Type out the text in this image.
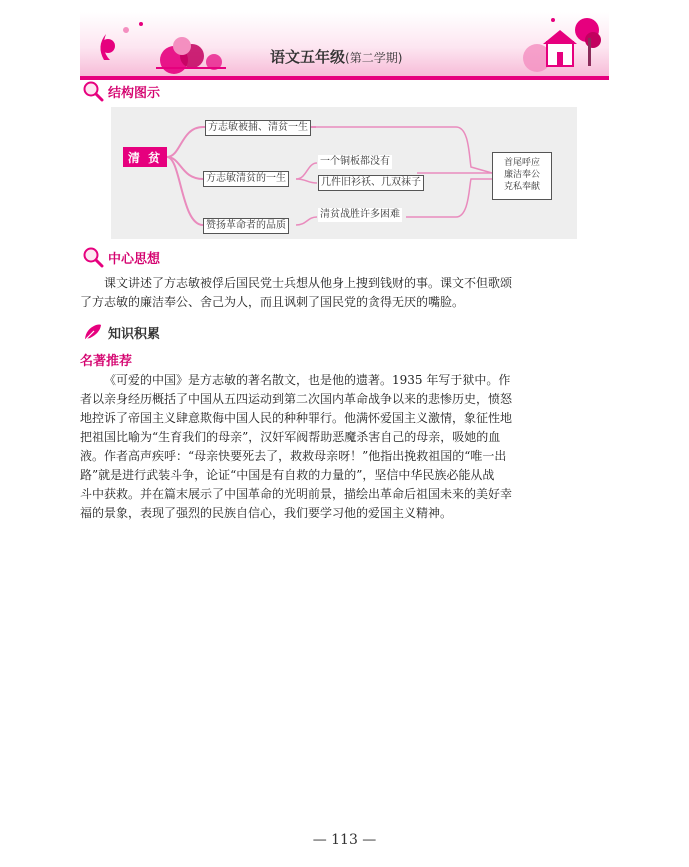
语文五年级(第二学期)
结构图示
清 贫
方志敏被捕、清贫一生
方志敏清贫的一生
赞扬革命者的品质
一个铜板都没有
几件旧衫袄、几双袜子
清贫战胜许多困难
首尾呼应
廉洁奉公
克私奉献
中心思想
课文讲述了方志敏被俘后国民党士兵想从他身上捜到钱财的事。课文不但歌颂
了方志敏的廉洁奉公、舍己为人，而且讽刺了国民党的贪得无厌的嘴脸。
知识积累
名著推荐
《可爱的中国》是方志敏的著名散文，也是他的遗著。1935 年写于狱中。作
者以亲身经历概括了中国从五四运动到第二次国内革命战争以来的悲惨历史，愤怒
地控诉了帝国主义肆意欺侮中国人民的种种罪行。他满怀爱国主义激情，象征性地
把祖国比喻为“生育我们的母亲”，汉奸军阀帮助恶魔杀害自己的母亲，吸她的血
液。作者高声疾呼：“母亲快要死去了，救救母亲呀！”他指出挽救祖国的“唯一出
路”就是进行武装斗争，论证“中国是有自救的力量的”，坚信中华民族必能从战
斗中获救。并在篇末展示了中国革命的光明前景，描绘出革命后祖国未来的美好幸
福的景象，表现了强烈的民族自信心，我们要学习他的爱国主义精神。
— 113 —
